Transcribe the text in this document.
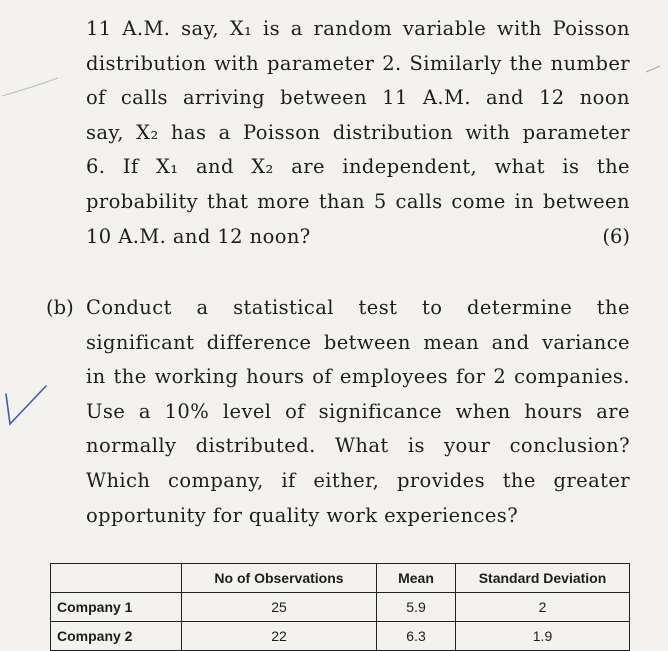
11 A.M. say, X₁ is a random variable with Poisson
distribution with parameter 2. Similarly the number
of calls arriving between 11 A.M. and 12 noon
say, X₂ has a Poisson distribution with parameter
6. If X₁ and X₂ are independent, what is the
probability that more than 5 calls come in between
10
A.M.
and
12
noon?
	(6)
(b) Conduct a statistical test to determine the
significant difference between mean and variance
in the working hours of employees for 2 companies.
Use a 10% level of significance when hours are
normally distributed. What is your conclusion?
Which company, if either, provides the greater
opportunity
for
quality
work
experiences?

	No of Observations	Mean	Standard Deviation
Company 1	25	5.9	2
Company 2	22	6.3	1.9
